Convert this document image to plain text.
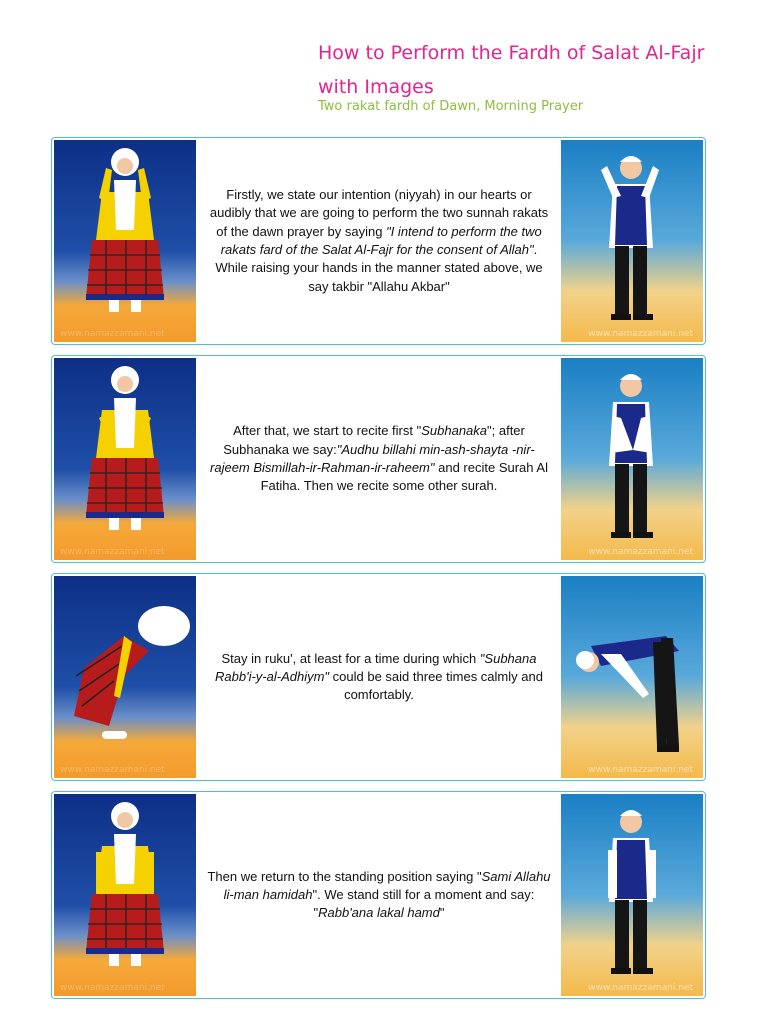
How to Perform the Fardh of Salat Al-Fajr with Images
Two rakat fardh of Dawn, Morning Prayer
www.namazzamani.net

Firstly, we state our intention (niyyah) in our hearts or audibly that we are going to perform the two sunnah rakats of the dawn prayer by saying "I intend to perform the two rakats fard of the Salat Al-Fajr for the consent of Allah". While raising your hands in the manner stated above, we say takbir "Allahu Akbar"

www.namazzamani.net
www.namazzamani.net

After that, we start to recite first "Subhanaka"; after Subhanaka we say:"Audhu billahi min-ash-shayta -nir-rajeem Bismillah-ir-Rahman-ir-raheem" and recite Surah Al Fatiha. Then we recite some other surah.

www.namazzamani.net
www.namazzamani.net

Stay in ruku', at least for a time during which "Subhana Rabb'i-y-al-Adhiym" could be said three times calmly and comfortably.

www.namazzamani.net
www.namazzamani.net

Then we return to the standing position saying "Sami Allahu li-man hamidah". We stand still for a moment and say: "Rabb'ana lakal hamd"

www.namazzamani.net
